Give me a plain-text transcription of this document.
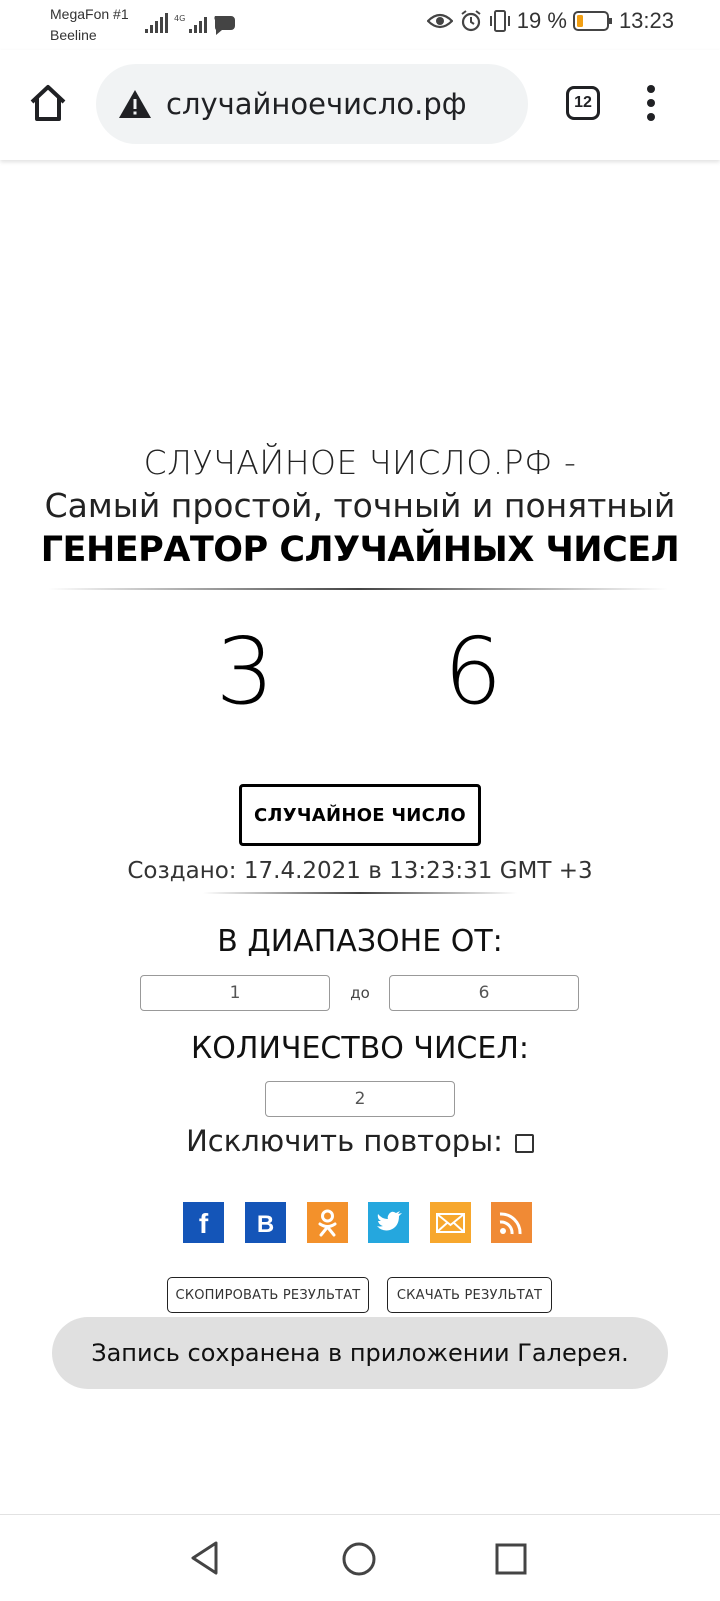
MegaFon #1
Beeline
4G	19 % 13:23
случайноечисло.рф	12
СЛУЧАЙНОЕ ЧИСЛО.РФ -
Самый простой, точный и понятный
ГЕНЕРАТОР СЛУЧАЙНЫХ ЧИСЕЛ
3 6
СЛУЧАЙНОЕ ЧИСЛО
Создано: 17.4.2021 в 13:23:31 GMT +3
В ДИАПАЗОНЕ ОТ:
1
до
6
КОЛИЧЕСТВО ЧИСЕЛ:
2
Исключить повторы:
f B
СКОПИРОВАТЬ РЕЗУЛЬТАТ	СКАЧАТЬ РЕЗУЛЬТАТ
Запись сохранена в приложении Галерея.
